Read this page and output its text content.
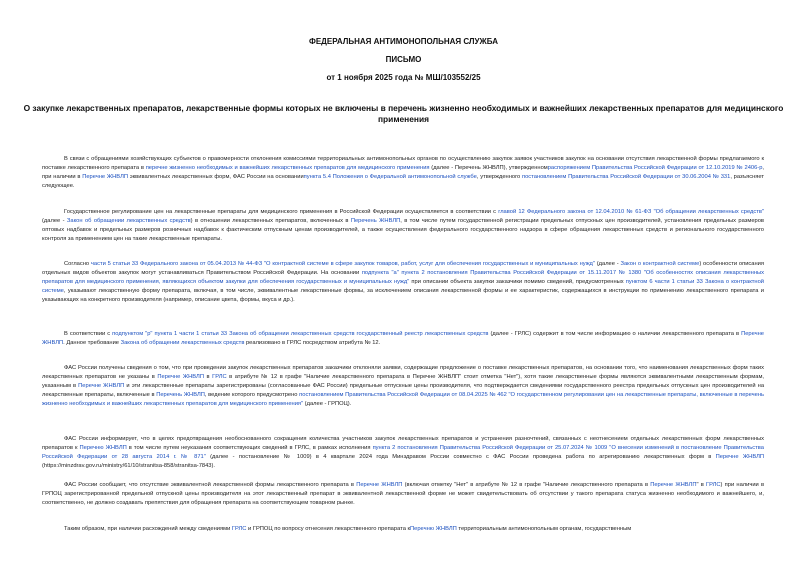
ФЕДЕРАЛЬНАЯ АНТИМОНОПОЛЬНАЯ СЛУЖБА
ПИСЬМО
от 1 ноября 2025 года № МШ/103552/25
О закупке лекарственных препаратов, лекарственные формы которых не включены в перечень жизненно необходимых и важнейших лекарственных препаратов для медицинского применения
В связи с обращениями хозяйствующих субъектов о правомерности отклонения комиссиями территориальных антимонопольных органов по осуществлению закупок заявок участников закупок на основании отсутствия лекарственной формы предлагаемого к поставке лекарственного препарата в перечне жизненно необходимых и важнейших лекарственных препаратов для медицинского применения (далее - Перечень ЖНВЛП), утвержденномраспоряжением Правительства Российской Федерации от 12.10.2019 № 2406-р, при наличии в Перечне ЖНВЛП эквивалентных лекарственных форм, ФАС России на основаниипункта 5.4 Положения о Федеральной антимонопольной службе, утвержденного постановлением Правительства Российской Федерации от 30.06.2004 № 331, разъясняет следующее.
Государственное регулирование цен на лекарственные препараты для медицинского применения в Российской Федерации осуществляется в соответствии с главой 12 Федерального закона от 12.04.2010 № 61-ФЗ "Об обращении лекарственных средств" (далее - Закон об обращении лекарственных средств) в отношении лекарственных препаратов, включенных в Перечень ЖНВЛП, в том числе путем государственной регистрации предельных отпускных цен производителей, установления предельных размеров оптовых надбавок и предельных размеров розничных надбавок к фактическим отпускным ценам производителей, а также осуществления федерального государственного надзора в сфере обращения лекарственных средств и регионального государственного контроля за применением цен на такие лекарственные препараты.
Согласно части 5 статьи 33 Федерального закона от 05.04.2013 № 44-ФЗ "О контрактной системе в сфере закупок товаров, работ, услуг для обеспечения государственных и муниципальных нужд" (далее - Закон о контрактной системе) особенности описания отдельных видов объектов закупок могут устанавливаться Правительством Российской Федерации. На основании подпункта "а" пункта 2 постановления Правительства Российской Федерации от 15.11.2017 № 1380 "Об особенностях описания лекарственных препаратов для медицинского применения, являющихся объектом закупки для обеспечения государственных и муниципальных нужд" при описании объекта закупки заказчики помимо сведений, предусмотренных пунктом 6 части 1 статьи 33 Закона о контрактной системе, указывают лекарственную форму препарата, включая, в том числе, эквивалентные лекарственные формы, за исключением описания лекарственной формы и ее характеристик, содержащихся в инструкции по применению лекарственного препарата и указывающих на конкретного производителя (например, описание цвета, формы, вкуса и др.).
В соответствии с подпунктом "р" пункта 1 части 1 статьи 33 Закона об обращении лекарственных средств государственный реестр лекарственных средств (далее - ГРЛС) содержит в том числе информацию о наличии лекарственного препарата в Перечне ЖНВЛП. Данное требование Закона об обращении лекарственных средств реализовано в ГРЛС посредством атрибута № 12.
ФАС России получены сведения о том, что при проведении закупок лекарственных препаратов заказчики отклоняли заявки, содержащие предложение о поставке лекарственных препаратов, на основании того, что наименования лекарственных форм таких лекарственных препаратов не указаны в Перечне ЖНВЛП в ГРЛС в атрибуте № 12 в графе "Наличие лекарственного препарата в Перечне ЖНВЛП" стоит отметка "Нет"), хотя такие лекарственные формы являются эквивалентными лекарственным формам, указанным в Перечне ЖНВЛП и эти лекарственные препараты зарегистрированы (согласованные ФАС России) предельные отпускные цены производителя, что подтверждается сведениями государственного реестра предельных отпускных цен производителей на лекарственные препараты, включенные в Перечень ЖНВЛП, ведение которого предусмотрено постановлением Правительства Российской Федерации от 08.04.2025 № 462 "О государственном регулировании цен на лекарственные препараты, включенные в перечень жизненно необходимых и важнейших лекарственных препаратов для медицинского применения" (далее - ГРПОЦ).
ФАС России информирует, что в целях предотвращения необоснованного сокращения количества участников закупок лекарственных препаратов и устранения разночтений, связанных с неотнесением отдельных лекарственных форм лекарственных препаратов к Перечню ЖНВЛП в том числе путем неуказания соответствующих сведений в ГРЛС, в рамках исполнения пункта 2 постановления Правительства Российской Федерации от 25.07.2024 № 1009 "О внесении изменений в постановление Правительства Российской Федерации от 28 августа 2014 г. № 871" (далее - постановление № 1009) в 4 квартале 2024 года Минздравом России совместно с ФАС России проведена работа по агрегированию лекарственных форм в Перечне ЖНВЛП (https://minzdrav.gov.ru/ministry/61/10/stranitsa-858/stranitsa-7843).
ФАС России сообщает, что отсутствие эквивалентной лекарственной формы лекарственного препарата в Перечне ЖНВЛП (включая отметку "Нет" в атрибуте № 12 в графе "Наличие лекарственного препарата в Перечне ЖНВЛП" в ГРЛС) при наличии в ГРПОЦ зарегистрированной предельной отпускной цены производителя на этот лекарственный препарат в эквивалентной лекарственной форме не может свидетельствовать об отсутствии у такого препарата статуса жизненно необходимого и важнейшего, и, соответственно, не должно создавать препятствия для обращения препарата на соответствующем товарном рынке.
Таким образом, при наличии расхождений между сведениями ГРЛС и ГРПОЦ по вопросу отнесения лекарственного препарата кПеречню ЖНВЛП территориальным антимонопольным органам, государственным
